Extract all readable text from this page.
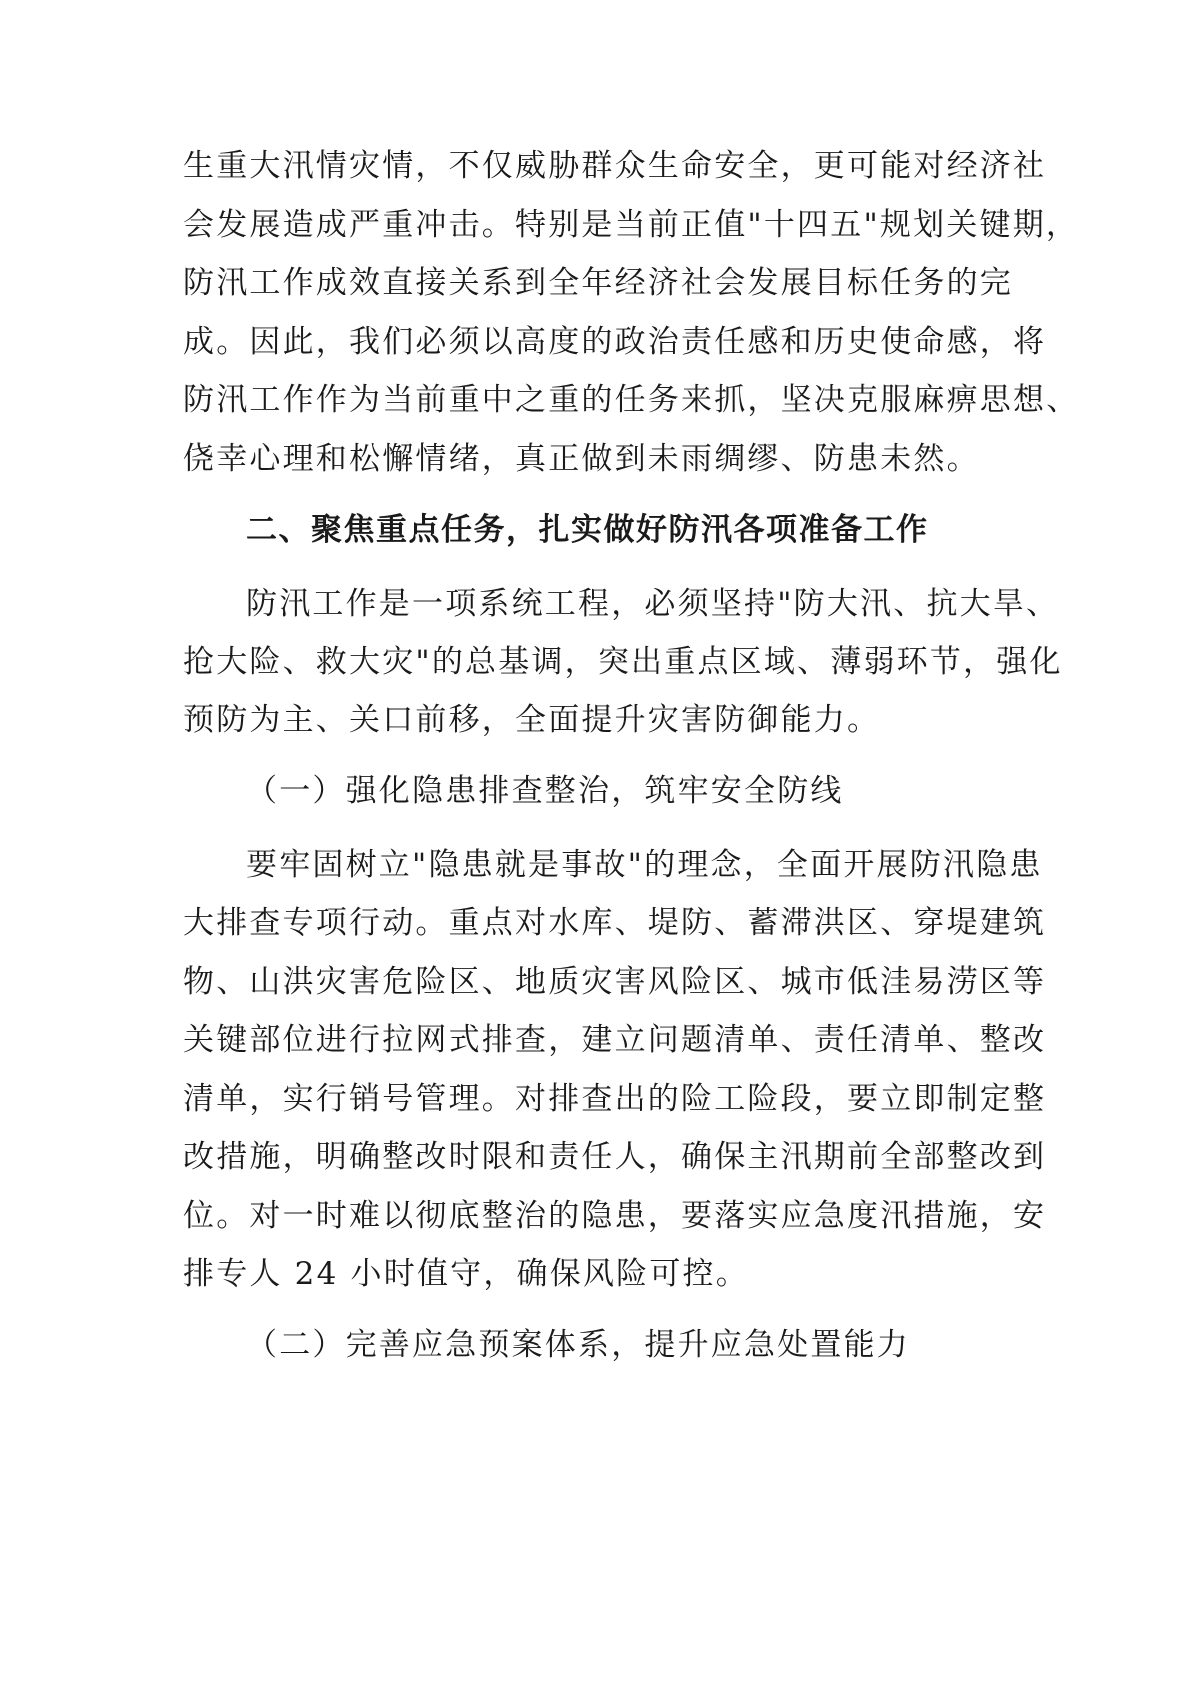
生重大汛情灾情，不仅威胁群众生命安全，更可能对经济社
会发展造成严重冲击。特别是当前正值"十四五"规划关键期，
防汛工作成效直接关系到全年经济社会发展目标任务的完
成。因此，我们必须以高度的政治责任感和历史使命感，将
防汛工作作为当前重中之重的任务来抓，坚决克服麻痹思想、
侥幸心理和松懈情绪，真正做到未雨绸缪、防患未然。
二、聚焦重点任务，扎实做好防汛各项准备工作
防汛工作是一项系统工程，必须坚持"防大汛、抗大旱、
抢大险、救大灾"的总基调，突出重点区域、薄弱环节，强化
预防为主、关口前移，全面提升灾害防御能力。
（一）强化隐患排查整治，筑牢安全防线
要牢固树立"隐患就是事故"的理念，全面开展防汛隐患
大排查专项行动。重点对水库、堤防、蓄滞洪区、穿堤建筑
物、山洪灾害危险区、地质灾害风险区、城市低洼易涝区等
关键部位进行拉网式排查，建立问题清单、责任清单、整改
清单，实行销号管理。对排查出的险工险段，要立即制定整
改措施，明确整改时限和责任人，确保主汛期前全部整改到
位。对一时难以彻底整治的隐患，要落实应急度汛措施，安
排专人 24 小时值守，确保风险可控。
（二）完善应急预案体系，提升应急处置能力
